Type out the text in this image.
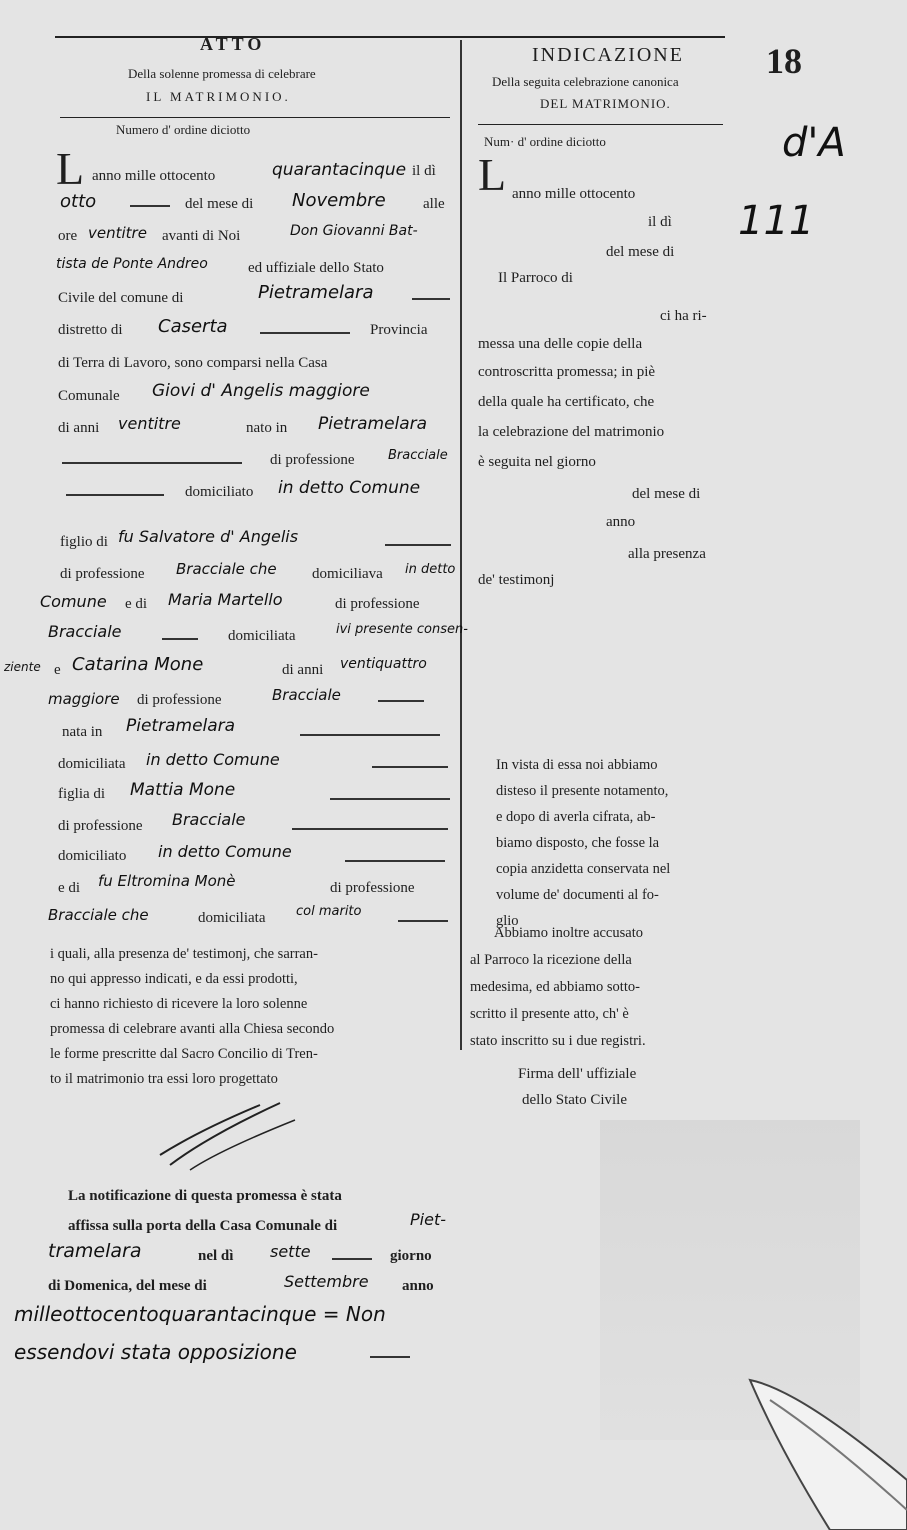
ATTO
Della solenne promessa di celebrare
IL MATRIMONIO.
Numero d' ordine diciotto
L anno mille ottocento	quarantacinque il dì
otto	del mese di Novembre alle
ore ventitre avanti di Noi	Don Giovanni Bat-
tista de Ponte Andreo	ed uffiziale dello Stato
Civile del comune di	Pietramelara
distretto di Caserta	Provincia
di Terra di Lavoro, sono comparsi nella Casa
Comunale Giovi d' Angelis maggiore
di anni ventitre	nato in Pietramelara
di professione	Bracciale
domiciliato in detto Comune
figlio di fu Salvatore d' Angelis
di professione Bracciale che domiciliava in detto
Comune e di Maria Martello	di professione
Bracciale	domiciliata	ivi presente consen-
ziente e Catarina Mone	di anni ventiquattro
maggiore di professione	Bracciale
nata in Pietramelara
domiciliata in detto Comune
figlia di Mattia Mone
di professione Bracciale
domiciliato in detto Comune
e di fu Eltromina Monè	di professione
Bracciale che	domiciliata col marito
i quali, alla presenza de' testimonj, che sarran-
no qui appresso indicati, e da essi prodotti,
ci hanno richiesto di ricevere la loro solenne
promessa di celebrare avanti alla Chiesa secondo
le forme prescritte dal Sacro Concilio di Tren-
to il matrimonio tra essi loro progettato
La notificazione di questa promessa è stata
affissa sulla porta della Casa Comunale di	Piet-
tramelara	nel dì sette	giorno
di Domenica, del mese di	Settembre anno
milleottocentoquarantacinque = Non
essendovi stata opposizione
18
d'A
111
INDICAZIONE
Della seguita celebrazione canonica
DEL MATRIMONIO.
Num· d' ordine diciotto
L anno mille ottocento
il dì
del mese di
Il Parroco di
ci ha ri-
messa una delle copie della
controscritta promessa; in piè
della quale ha certificato, che
la celebrazione del matrimonio
è seguita nel giorno
del mese di
anno
alla presenza
de' testimonj
In vista di essa noi abbiamo
disteso il presente notamento,
e dopo di averla cifrata, ab-
biamo disposto, che fosse la
copia anzidetta conservata nel
volume de' documenti al fo-
glio
Abbiamo inoltre accusato
al Parroco la ricezione della
medesima, ed abbiamo sotto-
scritto il presente atto, ch' è
stato inscritto su i due registri.
Firma dell' uffiziale
dello Stato Civile
